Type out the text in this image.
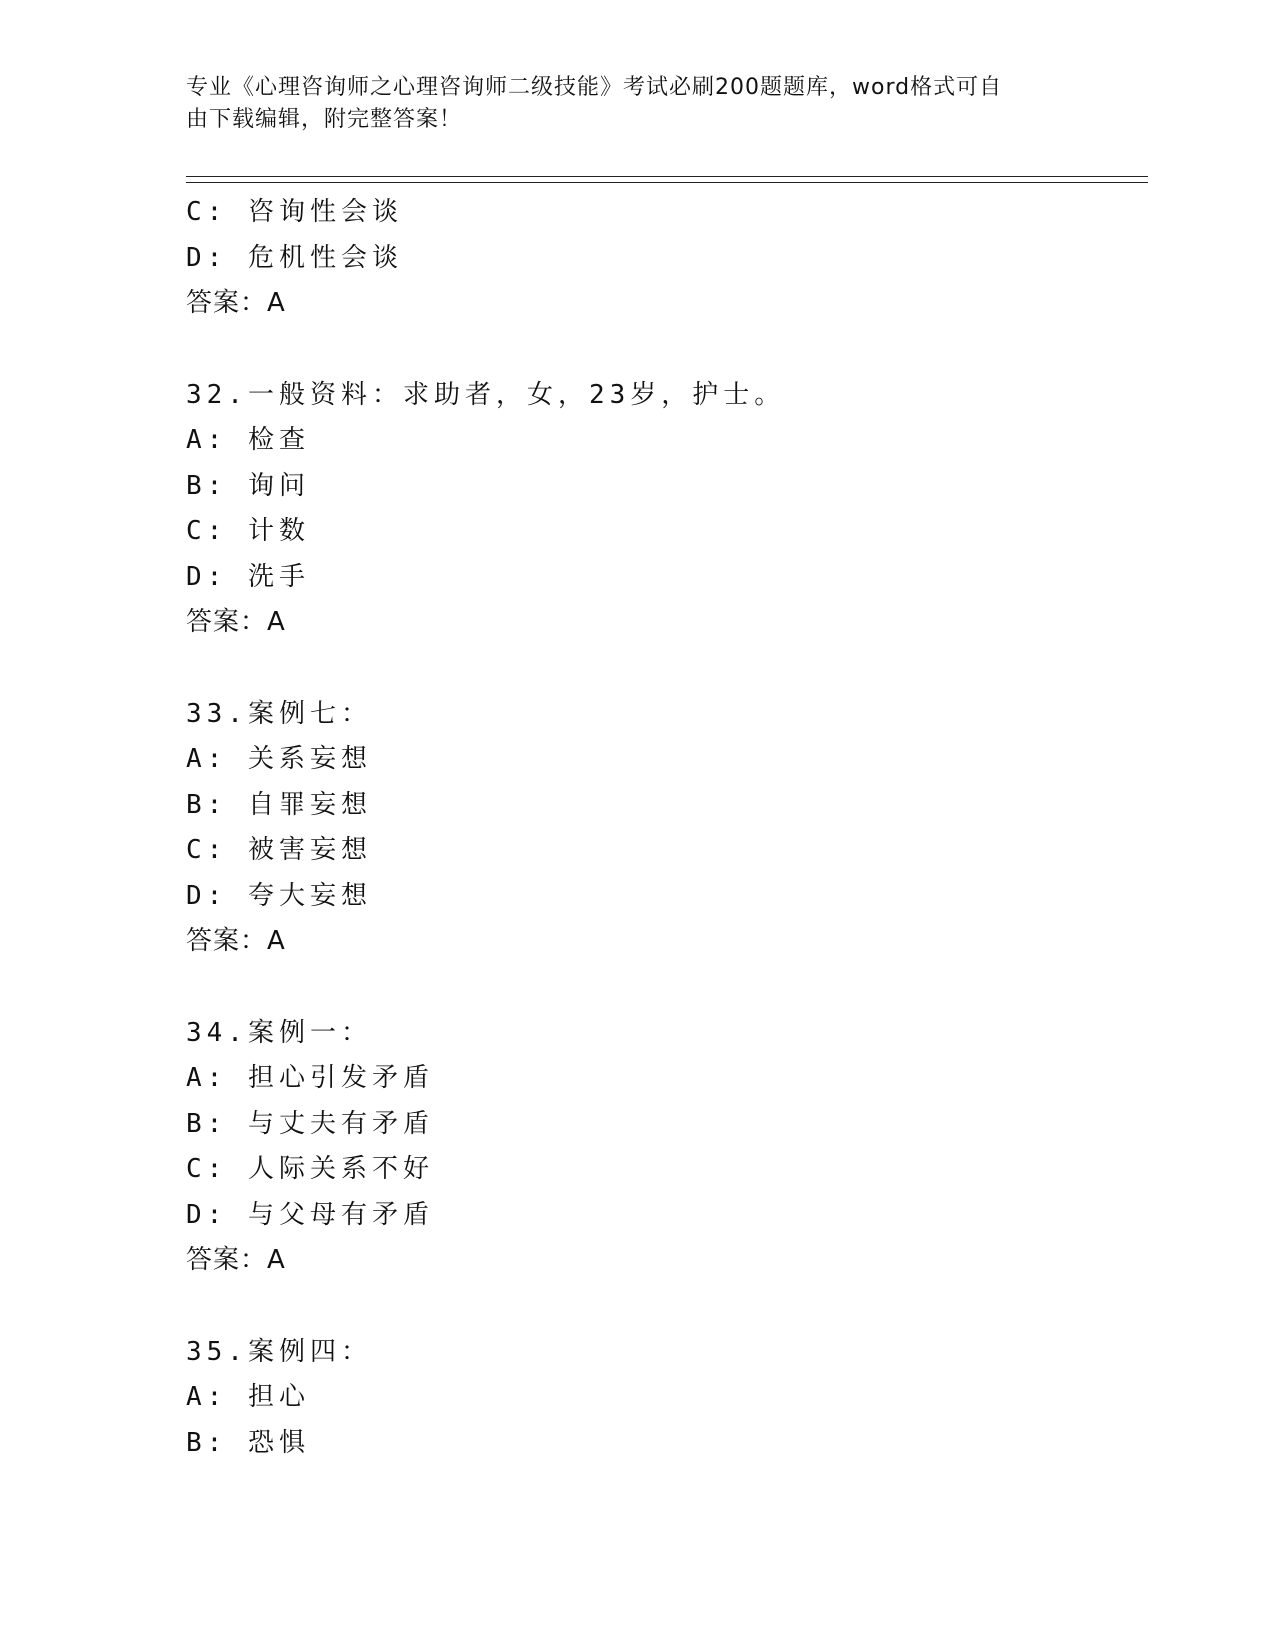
专业《心理咨询师之心理咨询师二级技能》考试必刷200题题库，word格式可自
由下载编辑，附完整答案！
C: 咨询性会谈
D: 危机性会谈
答案：A
32.一般资料：求助者，女，23岁，护士。
A: 检查
B: 询问
C: 计数
D: 洗手
答案：A
33.案例七：
A: 关系妄想
B: 自罪妄想
C: 被害妄想
D: 夸大妄想
答案：A
34.案例一：
A: 担心引发矛盾
B: 与丈夫有矛盾
C: 人际关系不好
D: 与父母有矛盾
答案：A
35.案例四：
A: 担心
B: 恐惧
